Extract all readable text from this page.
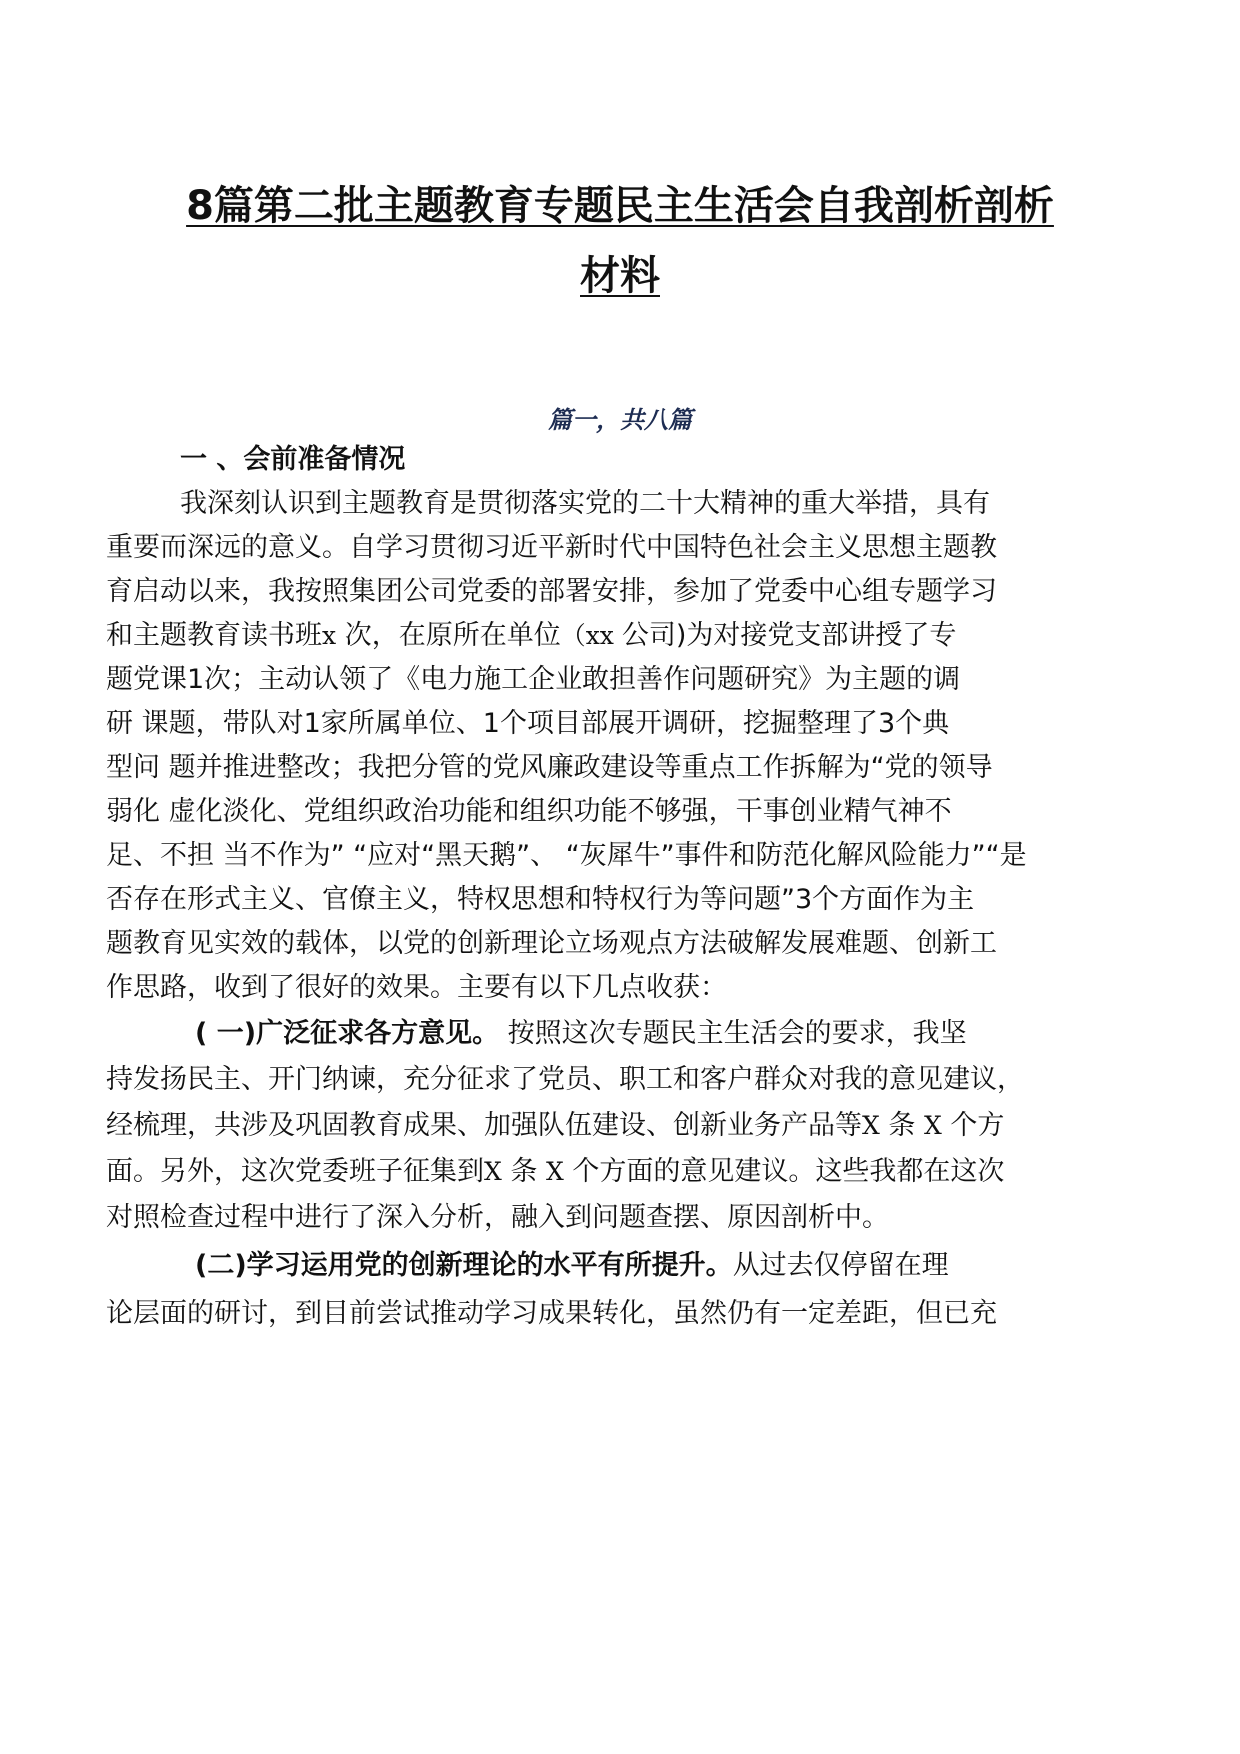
8篇第二批主题教育专题民主生活会自我剖析剖析
材料
篇一，共八篇
一 、会前准备情况
我深刻认识到主题教育是贯彻落实党的二十大精神的重大举措，具有
重要而深远的意义。自学习贯彻习近平新时代中国特色社会主义思想主题教
育启动以来，我按照集团公司党委的部署安排，参加了党委中心组专题学习
和主题教育读书班x 次，在原所在单位（xx 公司)为对接党支部讲授了专
题党课1次；主动认领了《电力施工企业敢担善作问题研究》为主题的调
研 课题，带队对1家所属单位、1个项目部展开调研，挖掘整理了3个典
型问 题并推进整改；我把分管的党风廉政建设等重点工作拆解为“党的领导
弱化 虚化淡化、党组织政治功能和组织功能不够强，干事创业精气神不
足、不担 当不作为” “应对“黑天鹅”、 “灰犀牛”事件和防范化解风险能力”“是
否存在形式主义、官僚主义，特权思想和特权行为等问题”3个方面作为主
题教育见实效的载体，以党的创新理论立场观点方法破解发展难题、创新工
作思路，收到了很好的效果。主要有以下几点收获：
( 一)广泛征求各方意见。 按照这次专题民主生活会的要求，我坚
持发扬民主、开门纳谏，充分征求了党员、职工和客户群众对我的意见建议，
经梳理，共涉及巩固教育成果、加强队伍建设、创新业务产品等X 条 X 个方
面。另外，这次党委班子征集到X 条 X 个方面的意见建议。这些我都在这次
对照检查过程中进行了深入分析，融入到问题查摆、原因剖析中。
(二)学习运用党的创新理论的水平有所提升。从过去仅停留在理
论层面的研讨，到目前尝试推动学习成果转化，虽然仍有一定差距，但已充
